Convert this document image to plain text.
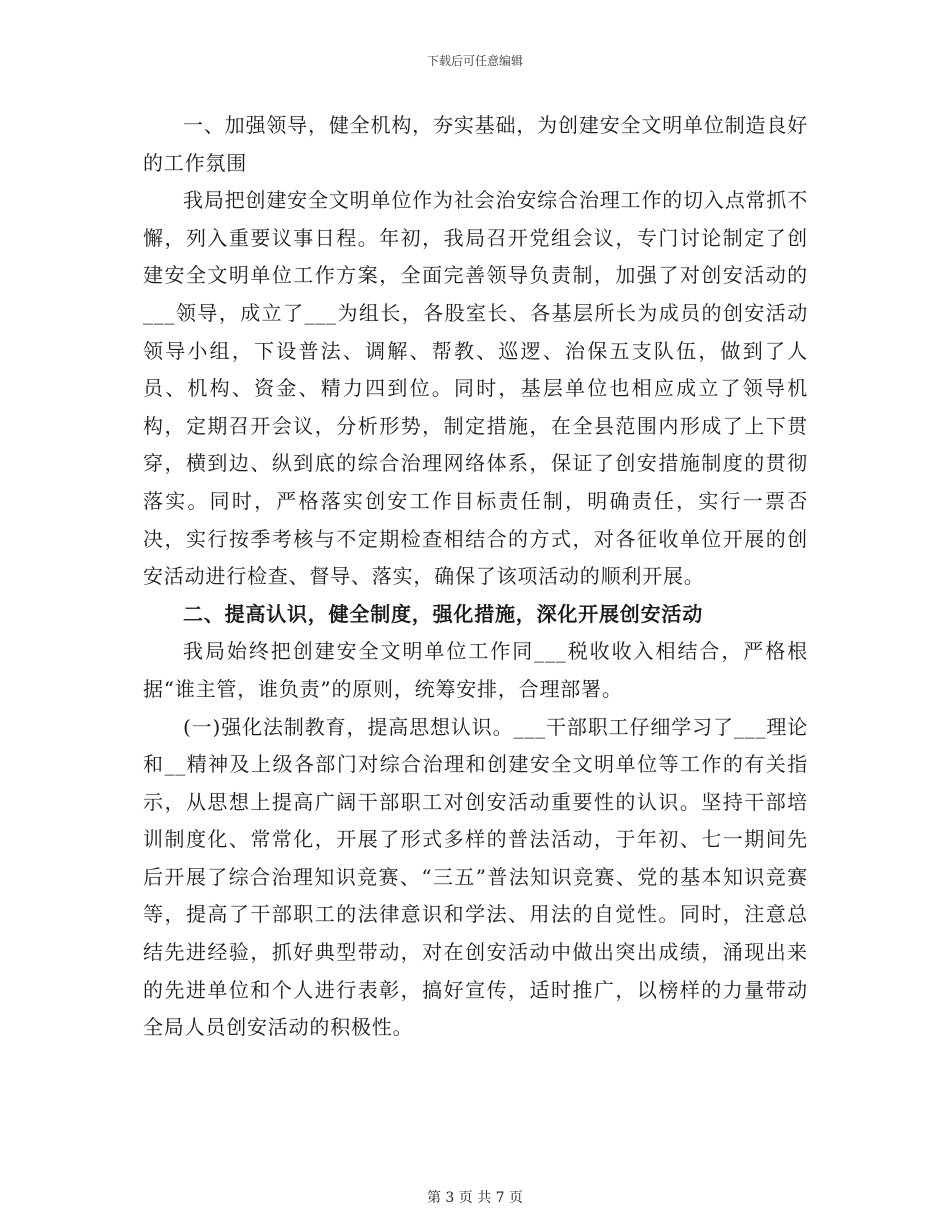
下载后可任意编辑

一、加强领导，健全机构，夯实基础，为创建安全文明单位制造良好的工作氛围

我局把创建安全文明单位作为社会治安综合治理工作的切入点常抓不懈，列入重要议事日程。年初，我局召开党组会议，专门讨论制定了创建安全文明单位工作方案，全面完善领导负责制，加强了对创安活动的___领导，成立了___为组长，各股室长、各基层所长为成员的创安活动领导小组，下设普法、调解、帮教、巡逻、治保五支队伍，做到了人员、机构、资金、精力四到位。同时，基层单位也相应成立了领导机构，定期召开会议，分析形势，制定措施，在全县范围内形成了上下贯穿，横到边、纵到底的综合治理网络体系，保证了创安措施制度的贯彻落实。同时，严格落实创安工作目标责任制，明确责任，实行一票否决，实行按季考核与不定期检查相结合的方式，对各征收单位开展的创安活动进行检查、督导、落实，确保了该项活动的顺利开展。

二、提高认识，健全制度，强化措施，深化开展创安活动

我局始终把创建安全文明单位工作同___税收收入相结合，严格根据“谁主管，谁负责”的原则，统筹安排，合理部署。

(一)强化法制教育，提高思想认识。___干部职工仔细学习了___理论和__精神及上级各部门对综合治理和创建安全文明单位等工作的有关指示，从思想上提高广阔干部职工对创安活动重要性的认识。坚持干部培训制度化、常常化，开展了形式多样的普法活动，于年初、七一期间先后开展了综合治理知识竞赛、“三五”普法知识竞赛、党的基本知识竞赛等，提高了干部职工的法律意识和学法、用法的自觉性。同时，注意总结先进经验，抓好典型带动，对在创安活动中做出突出成绩，涌现出来的先进单位和个人进行表彰，搞好宣传，适时推广，以榜样的力量带动全局人员创安活动的积极性。

第 3 页 共 7 页
